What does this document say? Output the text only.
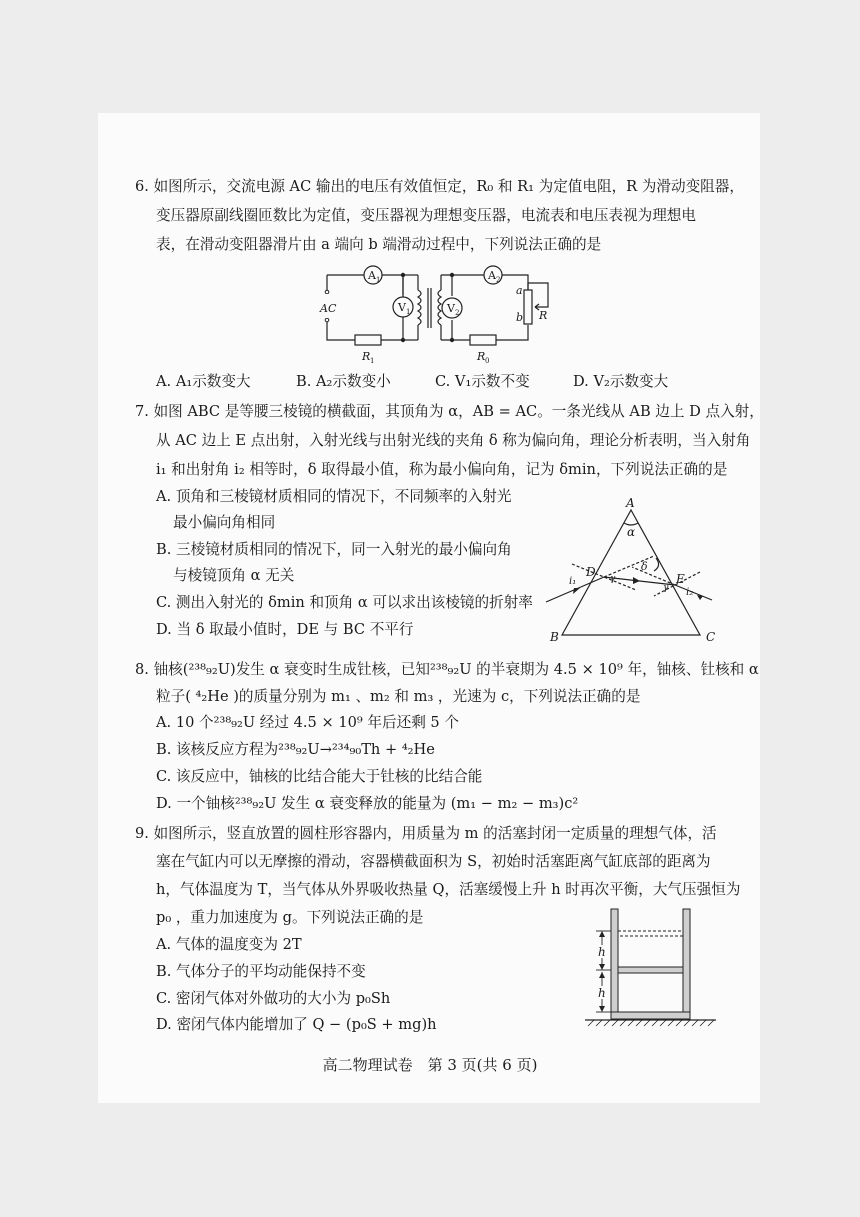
6. 如图所示，交流电源 AC 输出的电压有效值恒定，R₀ 和 R₁ 为定值电阻，R 为滑动变阻器，
变压器原副线圈匝数比为定值，变压器视为理想变压器，电流表和电压表视为理想电
表，在滑动变阻器滑片由 a 端向 b 端滑动过程中，下列说法正确的是
AC
A 1
V 1	V 2
A 2
R 1	R 0
R
a
b
A. A₁示数变大	B. A₂示数变小	C. V₁示数不变	D. V₂示数变大
7. 如图 ABC 是等腰三棱镜的横截面，其顶角为 α，AB = AC。一条光线从 AB 边上 D 点入射，
从 AC 边上 E 点出射，入射光线与出射光线的夹角 δ 称为偏向角，理论分析表明，当入射角
i₁ 和出射角 i₂ 相等时，δ 取得最小值，称为最小偏向角，记为 δmin，下列说法正确的是
A. 顶角和三棱镜材质相同的情况下，不同频率的入射光
最小偏向角相同
B. 三棱镜材质相同的情况下，同一入射光的最小偏向角
与棱镜顶角 α 无关
C. 测出入射光的 δmin 和顶角 α 可以求出该棱镜的折射率
D. 当 δ 取最小值时，DE 与 BC 不平行
A
B	C
D	E
α
δ
i₁
i₂
γ
γ
8. 铀核(²³⁸₉₂U)发生 α 衰变时生成钍核，已知²³⁸₉₂U 的半衰期为 4.5 × 10⁹ 年，铀核、钍核和 α
粒子( ⁴₂He )的质量分别为 m₁ 、m₂ 和 m₃ ，光速为 c，下列说法正确的是
A. 10 个²³⁸₉₂U 经过 4.5 × 10⁹ 年后还剩 5 个
B. 该核反应方程为²³⁸₉₂U→²³⁴₉₀Th + ⁴₂He
C. 该反应中，铀核的比结合能大于钍核的比结合能
D. 一个铀核²³⁸₉₂U 发生 α 衰变释放的能量为 (m₁ − m₂ − m₃)c²
9. 如图所示，竖直放置的圆柱形容器内，用质量为 m 的活塞封闭一定质量的理想气体，活
塞在气缸内可以无摩擦的滑动，容器横截面积为 S，初始时活塞距离气缸底部的距离为
h，气体温度为 T，当气体从外界吸收热量 Q，活塞缓慢上升 h 时再次平衡，大气压强恒为
p₀ ，重力加速度为 g。下列说法正确的是
A. 气体的温度变为 2T
B. 气体分子的平均动能保持不变
C. 密闭气体对外做功的大小为 p₀Sh
D. 密闭气体内能增加了 Q − (p₀S + mg)h
h
h
高二物理试卷　第 3 页(共 6 页)
